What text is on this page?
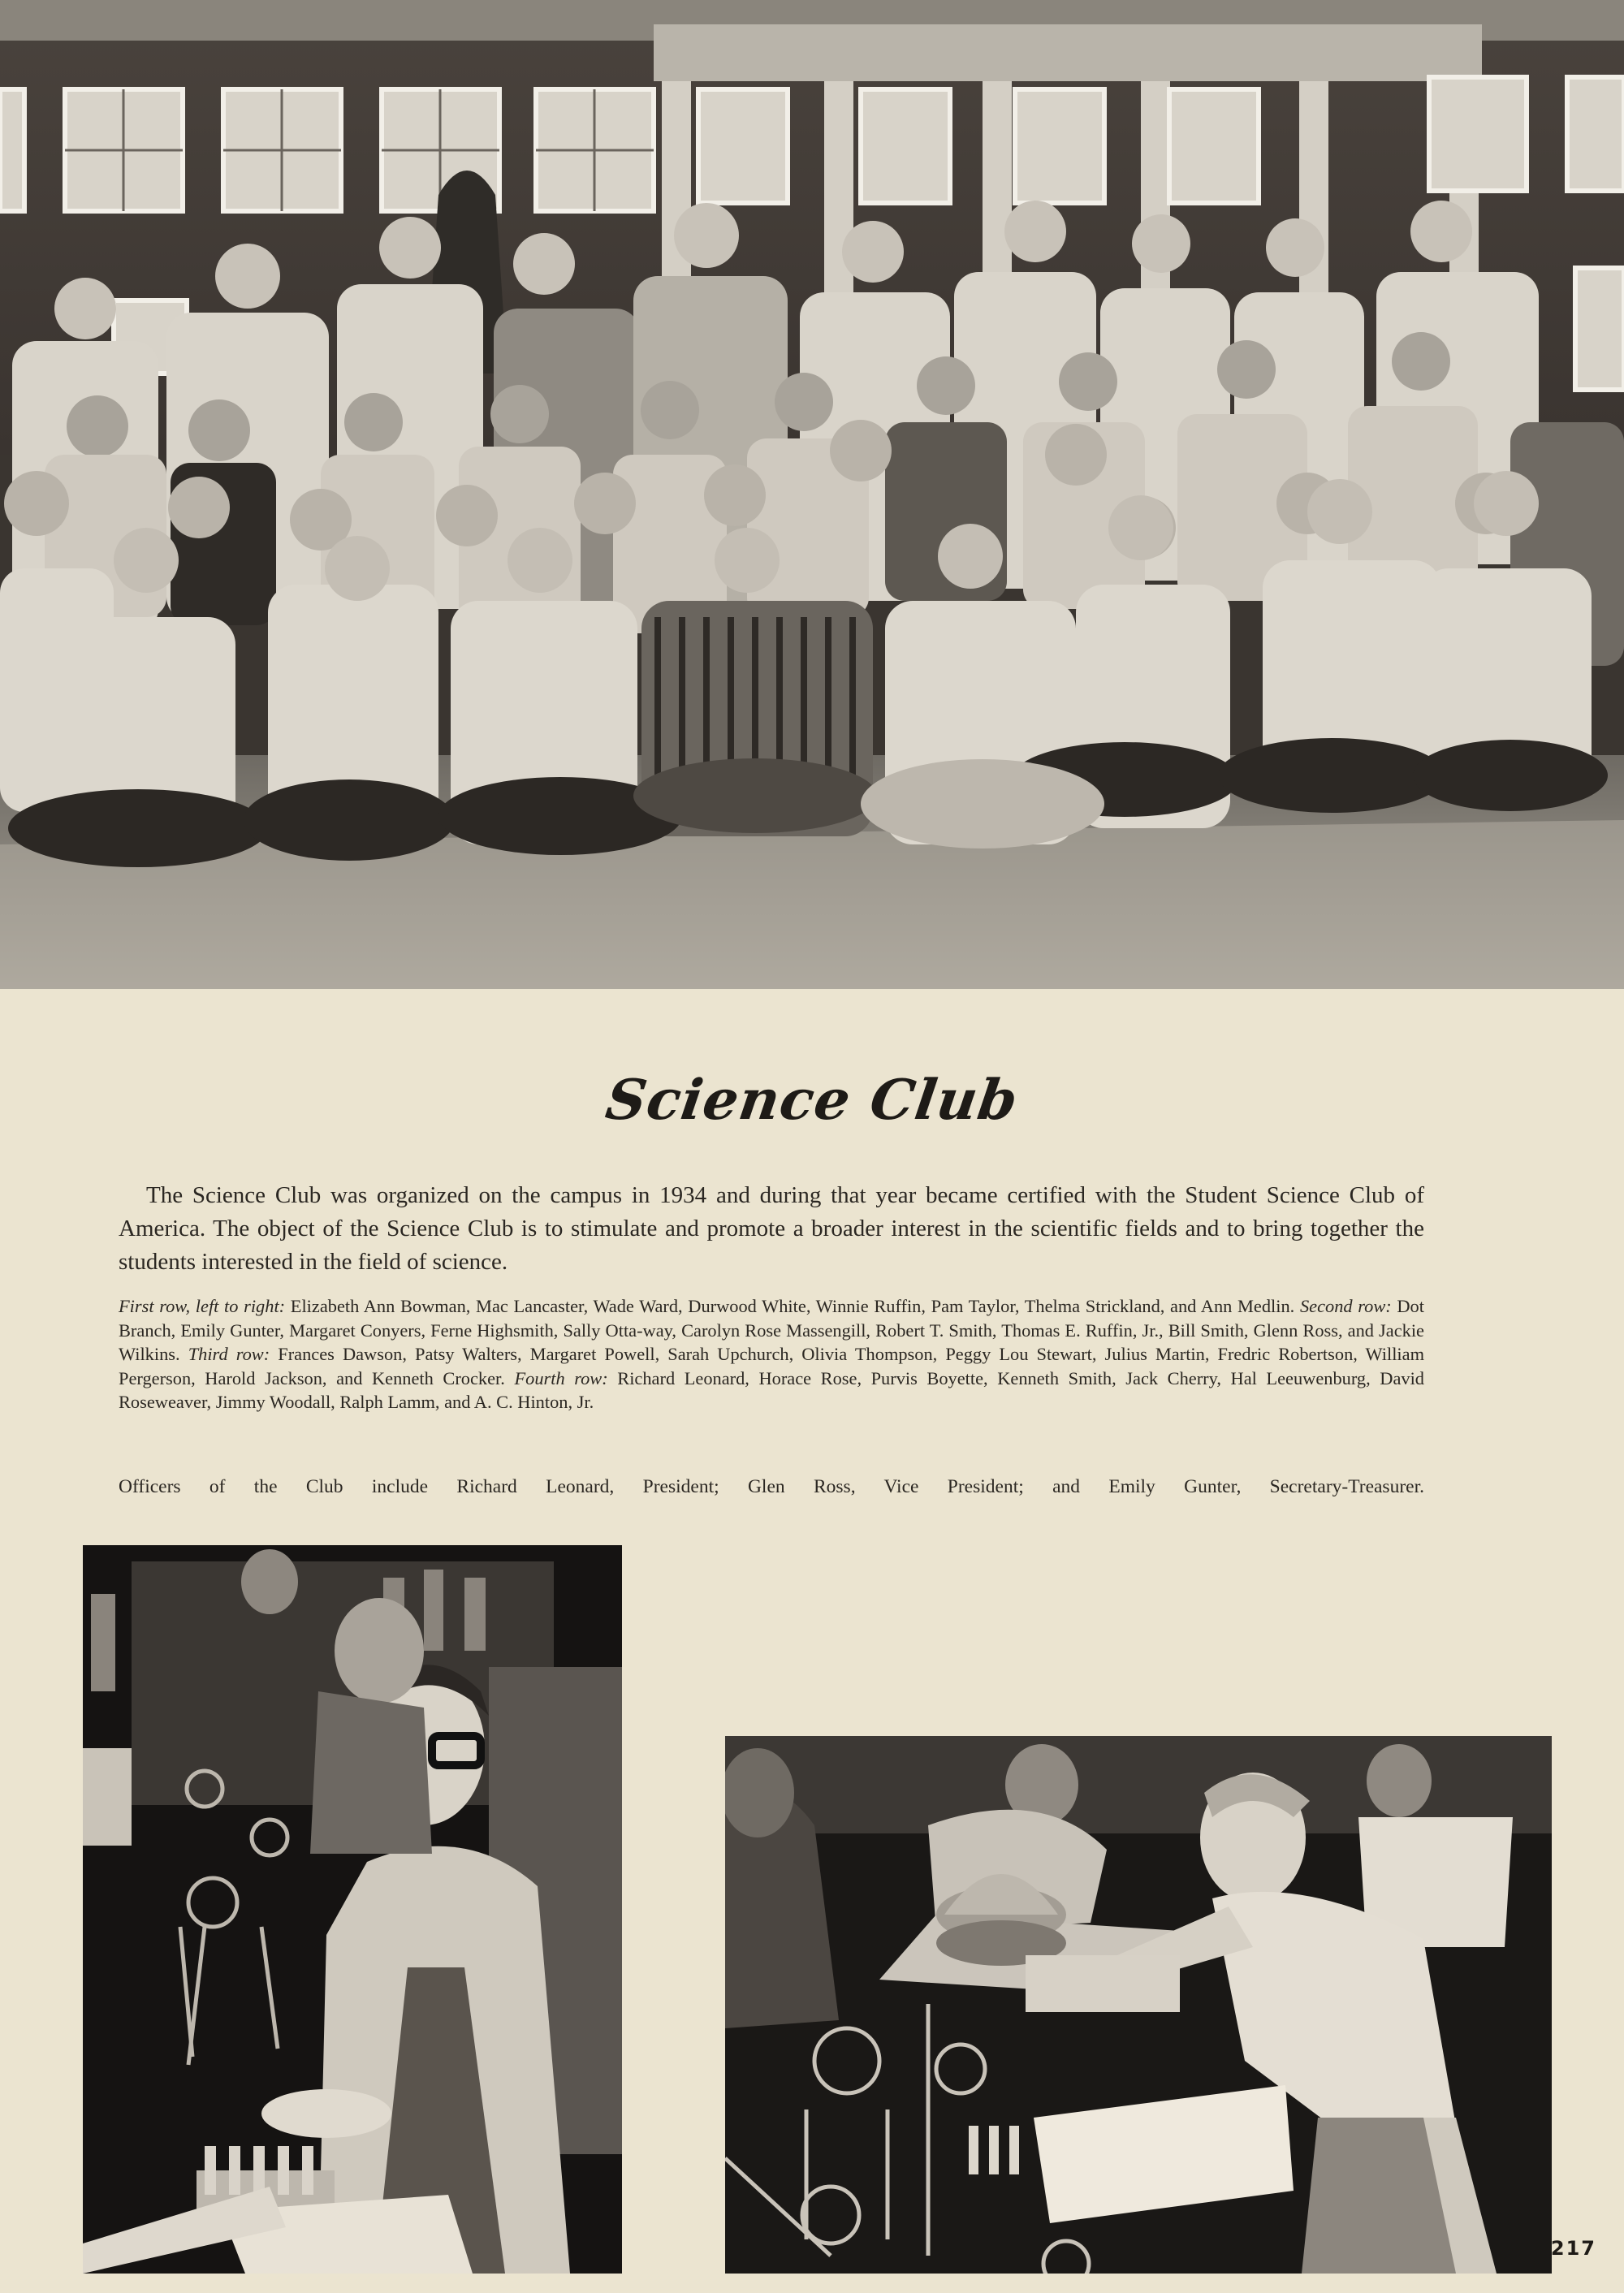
Science Club

The Science Club was organized on the campus in 1934 and during that year became certified with the Student Science Club of America. The object of the Science Club is to stimulate and promote a broader interest in the scientific fields and to bring together the students interested in the field of science.

First row, left to right: Elizabeth Ann Bowman, Mac Lancaster, Wade Ward, Durwood White, Winnie Ruffin, Pam Taylor, Thelma Strickland, and Ann Medlin. Second row: Dot Branch, Emily Gunter, Margaret Conyers, Ferne Highsmith, Sally Otta-way, Carolyn Rose Massengill, Robert T. Smith, Thomas E. Ruffin, Jr., Bill Smith, Glenn Ross, and Jackie Wilkins. Third row: Frances Dawson, Patsy Walters, Margaret Powell, Sarah Upchurch, Olivia Thompson, Peggy Lou Stewart, Julius Martin, Fredric Robertson, William Pergerson, Harold Jackson, and Kenneth Crocker. Fourth row: Richard Leonard, Horace Rose, Purvis Boyette, Kenneth Smith, Jack Cherry, Hal Leeuwenburg, David Roseweaver, Jimmy Woodall, Ralph Lamm, and A. C. Hinton, Jr.

Officers of the Club include Richard Leonard, President; Glen Ross, Vice President; and Emily Gunter, Secretary-Treasurer.

217
